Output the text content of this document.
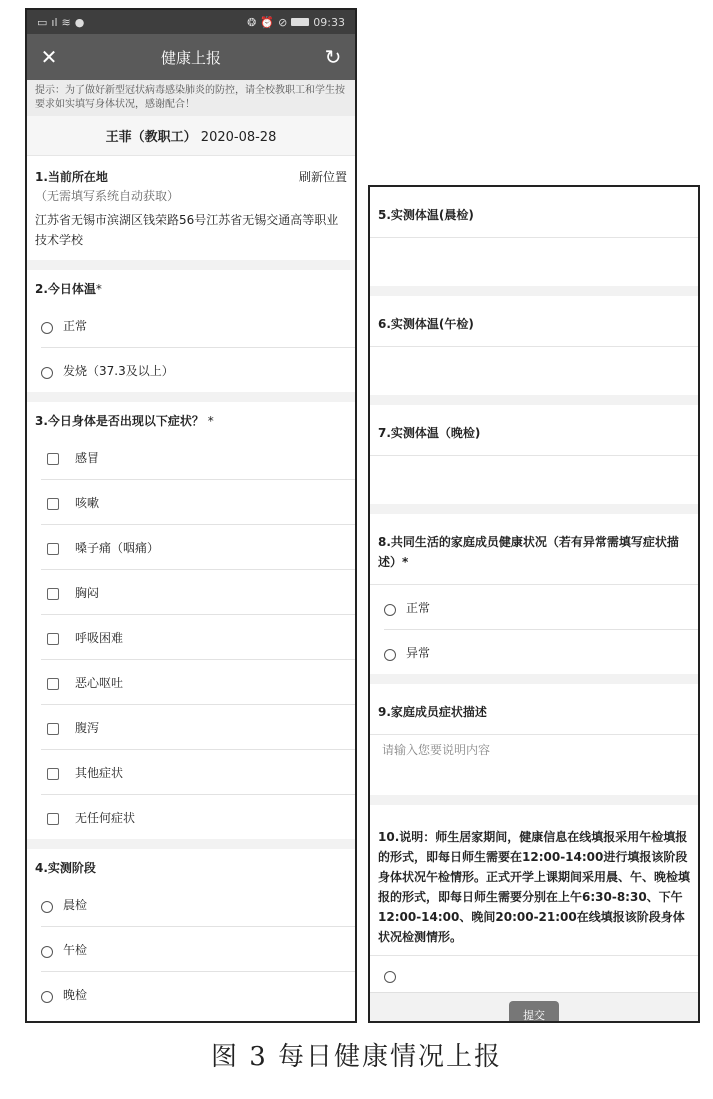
▭ ıl ≋ ●	❂ ⏰ ⊘ 09:33
✕	健康上报	↻
提示：为了做好新型冠状病毒感染肺炎的防控，请全校教职工和学生按要求如实填写身体状况，感谢配合！
王菲（教职工） 2020-08-28
1.当前所在地	刷新位置
（无需填写系统自动获取）
江苏省无锡市滨湖区钱荣路56号江苏省无锡交通高等职业技术学校
2.今日体温*
正常
发烧（37.3及以上）
3.今日身体是否出现以下症状？ *
感冒
咳嗽
嗓子痛（咽痛）
胸闷
呼吸困难
恶心呕吐
腹泻
其他症状
无任何症状
4.实测阶段
晨检
午检
晚检
5.实测体温(晨检)
6.实测体温(午检)
7.实测体温（晚检)
8.共同生活的家庭成员健康状况（若有异常需填写症状描述）*
正常
异常
9.家庭成员症状描述
请输入您要说明内容
10.说明：师生居家期间，健康信息在线填报采用午检填报的形式，即每日师生需要在12:00-14:00进行填报该阶段身体状况午检情形。正式开学上课期间采用晨、午、晚检填报的形式，即每日师生需要分别在上午6:30-8:30、下午12:00-14:00、晚间20:00-21:00在线填报该阶段身体状况检测情形。
提交
图 3 每日健康情况上报
